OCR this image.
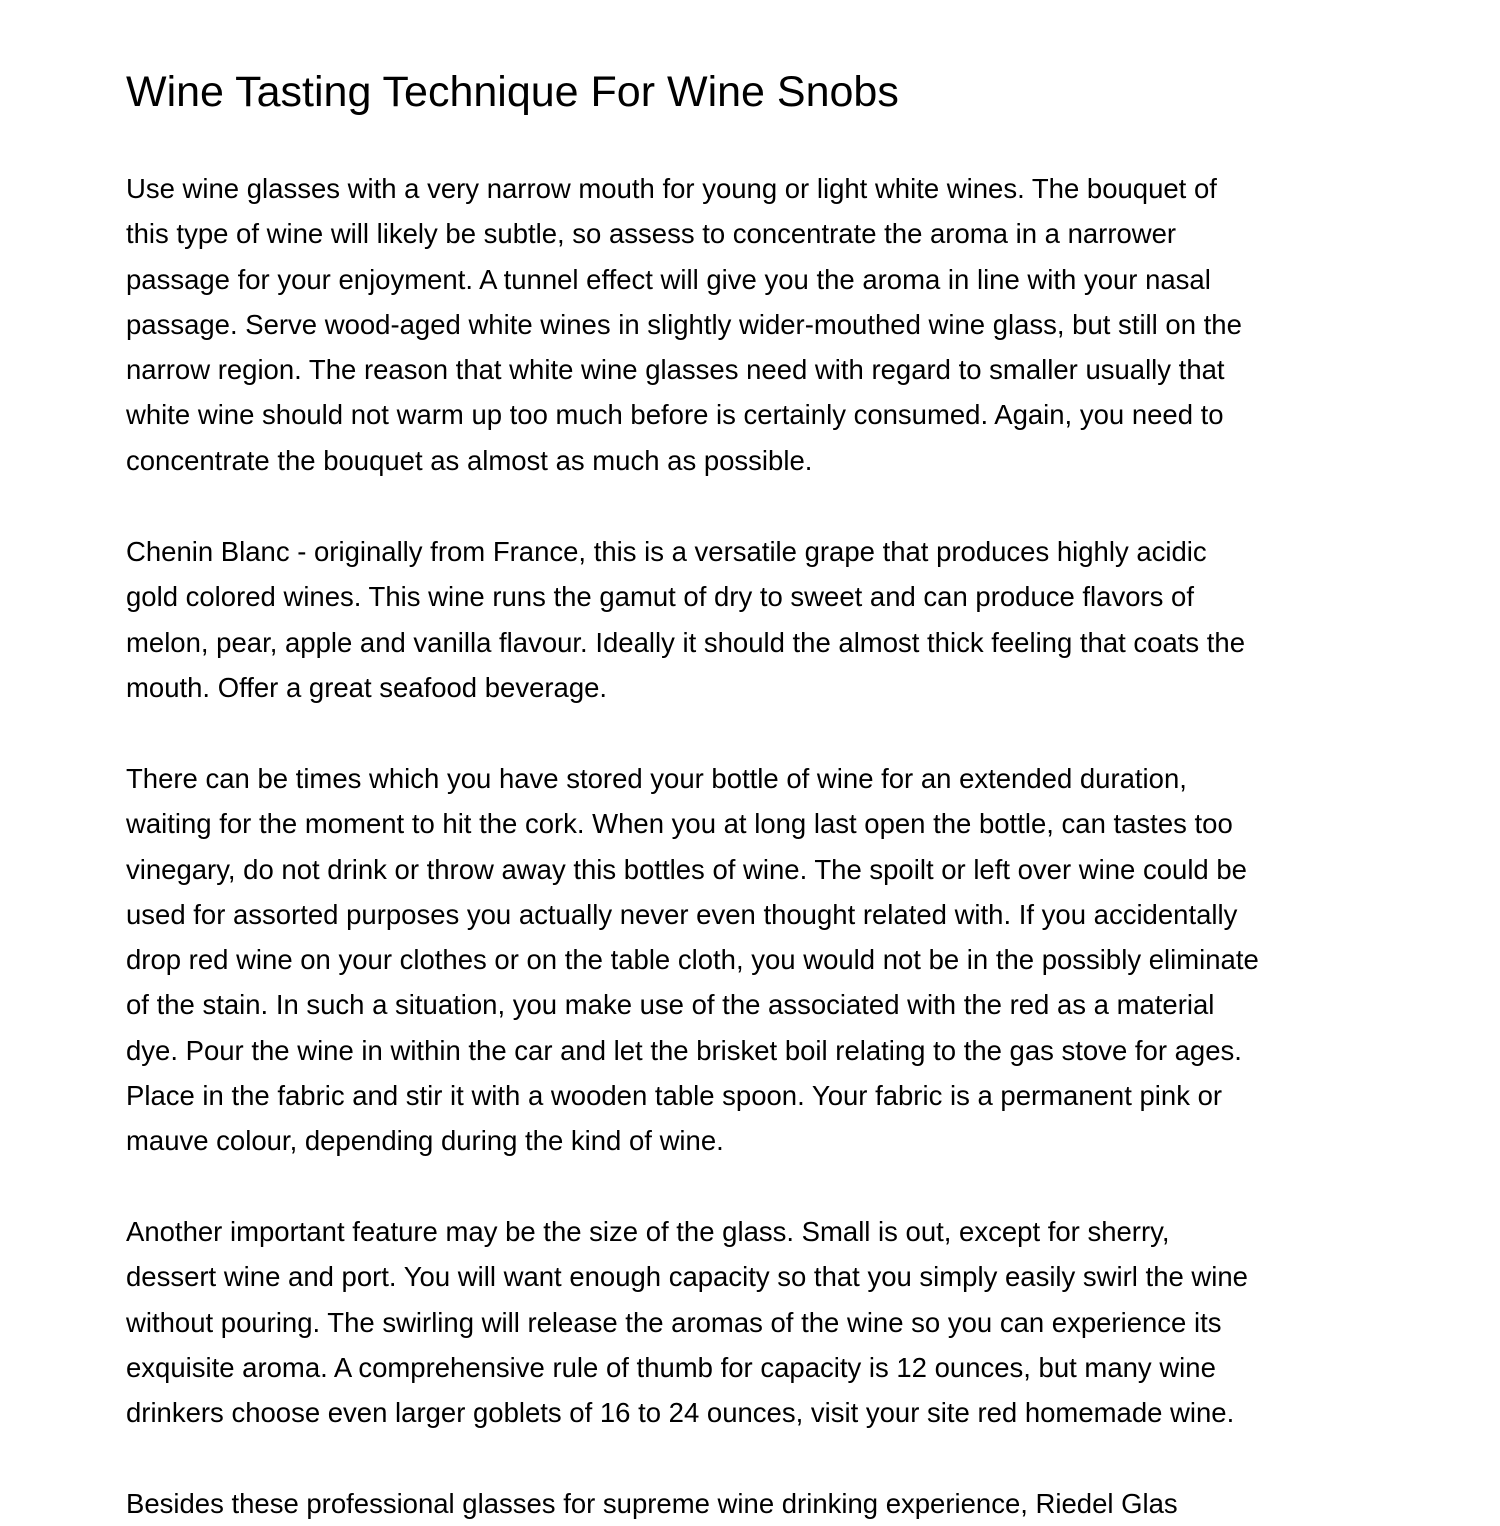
Wine Tasting Technique For Wine Snobs

Use wine glasses with a very narrow mouth for young or light white wines. The bouquet of
this type of wine will likely be subtle, so assess to concentrate the aroma in a narrower
passage for your enjoyment. A tunnel effect will give you the aroma in line with your nasal
passage. Serve wood-aged white wines in slightly wider-mouthed wine glass, but still on the
narrow region. The reason that white wine glasses need with regard to smaller usually that
white wine should not warm up too much before is certainly consumed. Again, you need to
concentrate the bouquet as almost as much as possible.

Chenin Blanc - originally from France, this is a versatile grape that produces highly acidic
gold colored wines. This wine runs the gamut of dry to sweet and can produce flavors of
melon, pear, apple and vanilla flavour. Ideally it should the almost thick feeling that coats the
mouth. Offer a great seafood beverage.

There can be times which you have stored your bottle of wine for an extended duration,
waiting for the moment to hit the cork. When you at long last open the bottle, can tastes too
vinegary, do not drink or throw away this bottles of wine. The spoilt or left over wine could be
used for assorted purposes you actually never even thought related with. If you accidentally
drop red wine on your clothes or on the table cloth, you would not be in the possibly eliminate
of the stain. In such a situation, you make use of the associated with the red as a material
dye. Pour the wine in within the car and let the brisket boil relating to the gas stove for ages.
Place in the fabric and stir it with a wooden table spoon. Your fabric is a permanent pink or
mauve colour, depending during the kind of wine.

Another important feature may be the size of the glass. Small is out, except for sherry,
dessert wine and port. You will want enough capacity so that you simply easily swirl the wine
without pouring. The swirling will release the aromas of the wine so you can experience its
exquisite aroma. A comprehensive rule of thumb for capacity is 12 ounces, but many wine
drinkers choose even larger goblets of 16 to 24 ounces, visit your site red homemade wine.

Besides these professional glasses for supreme wine drinking experience, Riedel Glas
